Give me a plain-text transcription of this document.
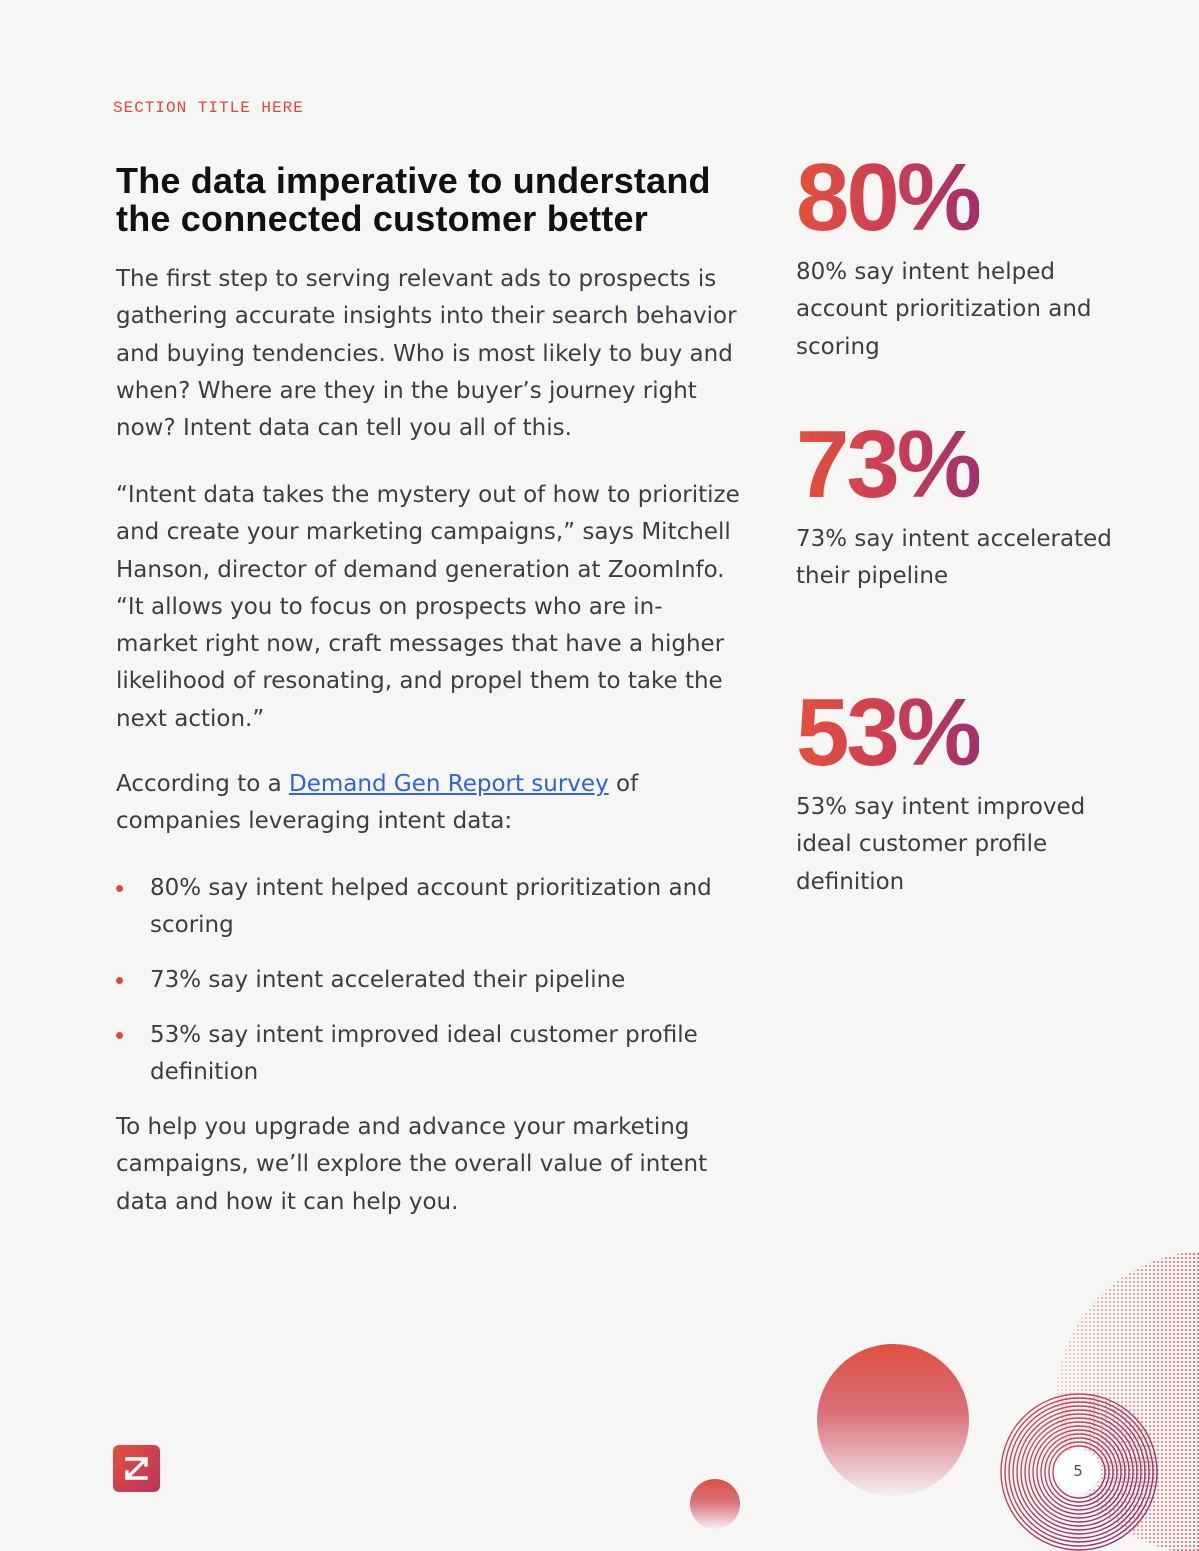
SECTION TITLE HERE
The data imperative to understand the connected customer better

The first step to serving relevant ads to prospects is gathering accurate insights into their search behavior and buying tendencies. Who is most likely to buy and when? Where are they in the buyer’s journey right now? Intent data can tell you all of this.

“Intent data takes the mystery out of how to prioritize and create your marketing campaigns,” says Mitchell Hanson, director of demand generation at ZoomInfo. “It allows you to focus on prospects who are in-market right now, craft messages that have a higher likelihood of resonating, and propel them to take the next action.”

According to a Demand Gen Report survey of companies leveraging intent data:

80% say intent helped account prioritization and scoring
73% say intent accelerated their pipeline
53% say intent improved ideal customer profile definition

To help you upgrade and advance your marketing campaigns, we’ll explore the overall value of intent data and how it can help you.

80%
80% say intent helped account prioritization and scoring
73%
73% say intent accelerated their pipeline
53%
53% say intent improved ideal customer profile definition
5
